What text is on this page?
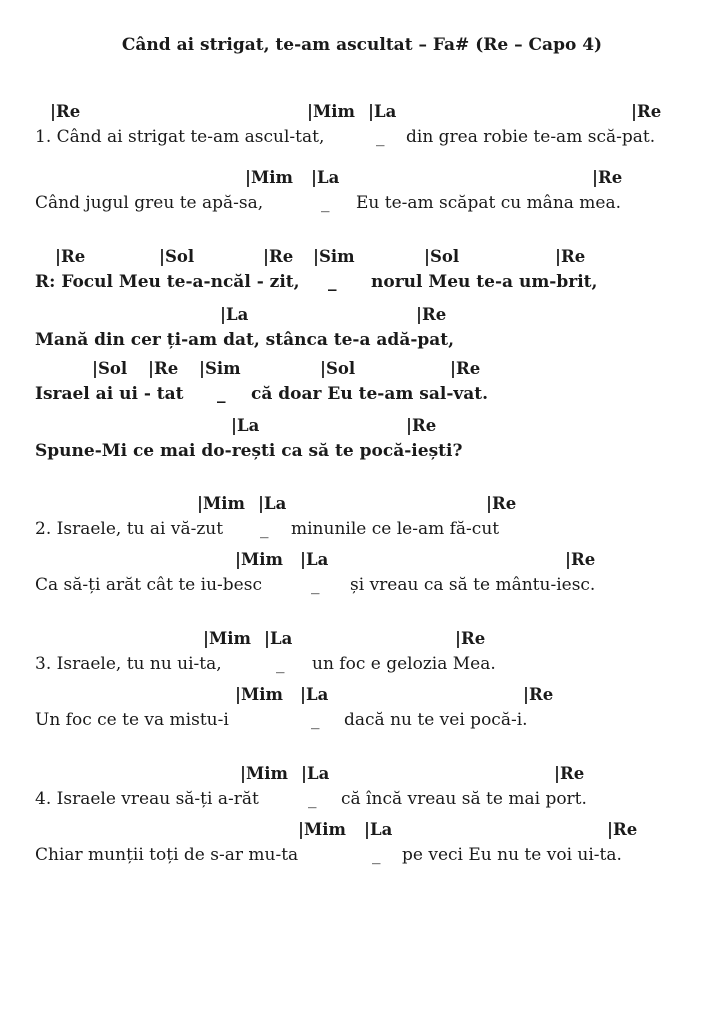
Când ai strigat, te-am ascultat – Fa# (Re – Capo 4)
|Re	|Mim |La	|Re
1. Când ai strigat te-am ascul-tat,	_ din grea robie te-am scă-pat.
|Mim |La	|Re
Când jugul greu te apă-sa,	_ Eu te-am scăpat cu mâna mea.
|Re	|Sol	|Re |Sim	|Sol	|Re
R: Focul Meu te-a-ncăl - zit, _ norul Meu te-a um-brit,
|La	|Re
Mană din cer ți-am dat, stânca te-a adă-pat,
|Sol |Re |Sim	|Sol	|Re
Israel ai ui - tat _ că doar Eu te-am sal-vat.
|La	|Re
Spune-Mi ce mai do-rești ca să te pocă-iești?
|Mim |La	|Re
2. Israele, tu ai vă-zut _ minunile ce le-am fă-cut
|Mim |La	|Re
Ca să-ți arăt cât te iu-besc	_ și vreau ca să te mântu-iesc.
|Mim |La	|Re
3. Israele, tu nu ui-ta,	_ un foc e gelozia Mea.
|Mim |La	|Re
Un foc ce te va mistu-i	_ dacă nu te vei pocă-i.
|Mim |La	|Re
4. Israele vreau să-ți a-răt	_ că încă vreau să te mai port.
|Mim |La	|Re
Chiar munții toți de s-ar mu-ta	_ pe veci Eu nu te voi ui-ta.
